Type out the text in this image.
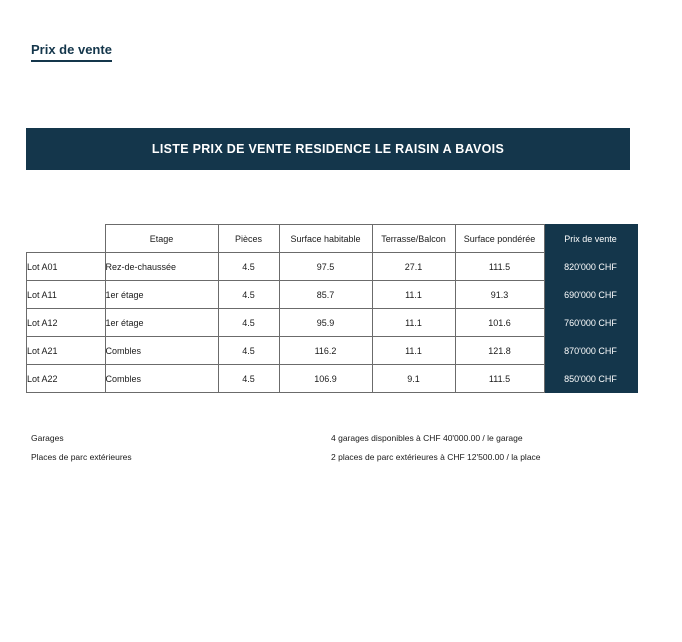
Prix de vente
LISTE PRIX DE VENTE RESIDENCE LE RAISIN A BAVOIS
	Etage	Pièces	Surface habitable	Terrasse/Balcon	Surface pondérée	Prix de vente
Lot A01	Rez-de-chaussée	4.5	97.5	27.1	111.5	820'000 CHF
Lot A11	1er étage	4.5	85.7	11.1	91.3	690'000 CHF
Lot A12	1er étage	4.5	95.9	11.1	101.6	760'000 CHF
Lot A21	Combles	4.5	116.2	11.1	121.8	870'000 CHF
Lot A22	Combles	4.5	106.9	9.1	111.5	850'000 CHF
Garages	4 garages disponibles à CHF 40'000.00 / le garage
Places de parc extérieures	2 places de parc extérieures à CHF 12'500.00 / la place
